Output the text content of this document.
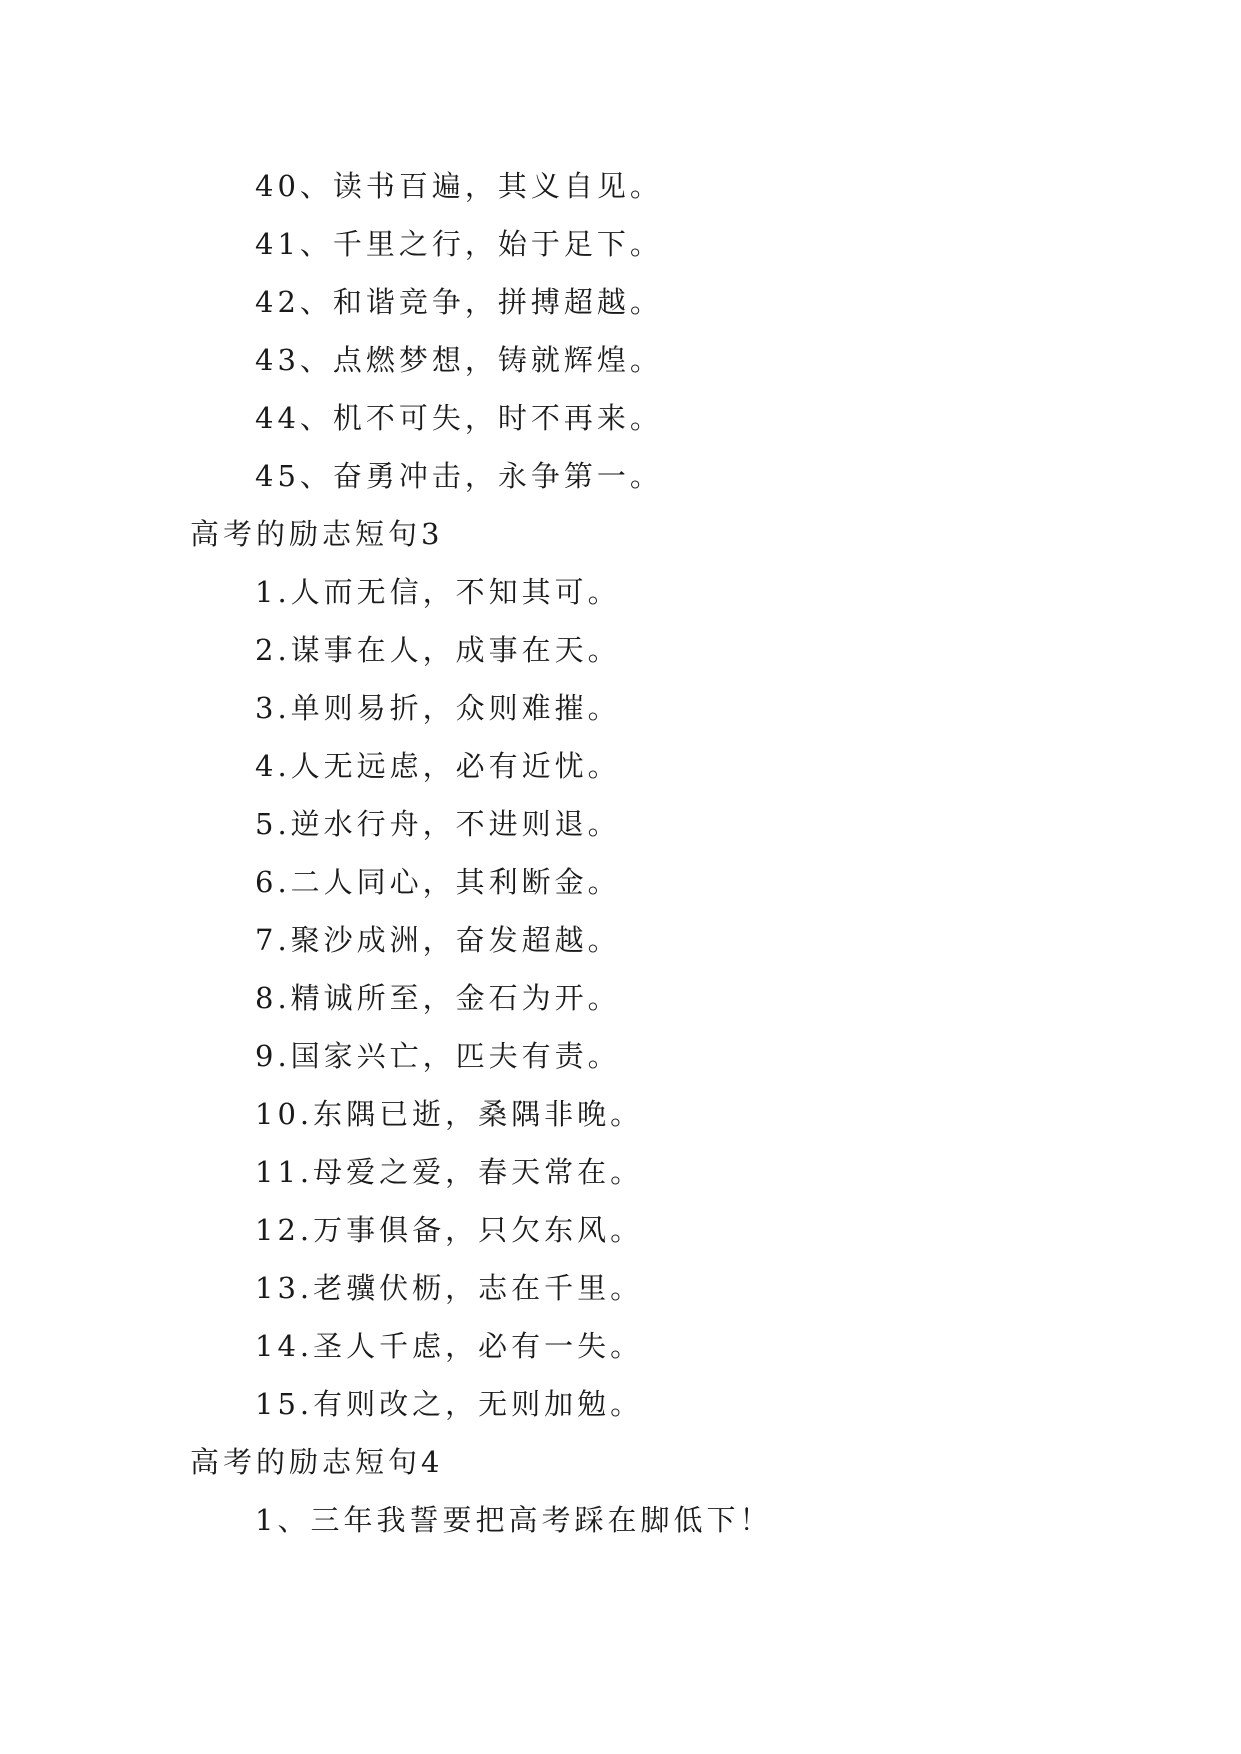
40、读书百遍，其义自见。
41、千里之行，始于足下。
42、和谐竞争，拼搏超越。
43、点燃梦想，铸就辉煌。
44、机不可失，时不再来。
45、奋勇冲击，永争第一。
高考的励志短句3
1.人而无信，不知其可。
2.谋事在人，成事在天。
3.单则易折，众则难摧。
4.人无远虑，必有近忧。
5.逆水行舟，不进则退。
6.二人同心，其利断金。
7.聚沙成洲，奋发超越。
8.精诚所至，金石为开。
9.国家兴亡，匹夫有责。
10.东隅已逝，桑隅非晚。
11.母爱之爱，春天常在。
12.万事俱备，只欠东风。
13.老骥伏枥，志在千里。
14.圣人千虑，必有一失。
15.有则改之，无则加勉。
高考的励志短句4
1、三年我誓要把高考踩在脚低下！
